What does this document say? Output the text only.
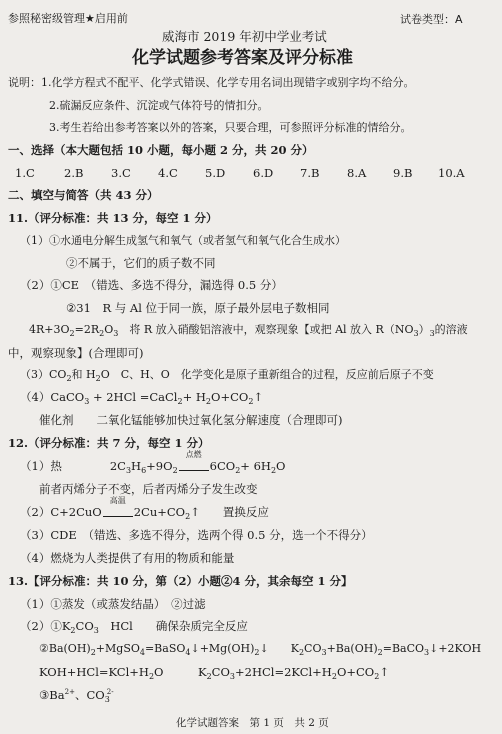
参照秘密级管理★启用前	试卷类型：A
威海市 2019 年初中学业考试
化学试题参考答案及评分标准
说明：1.化学方程式不配平、化学式错误、化学专用名词出现错字或别字均不给分。
2.硫漏反应条件、沉淀或气体符号的情扣分。
3.考生若给出参考答案以外的答案，只要合理，可参照评分标准的情给分。
一、选择（本大题包括 10 小题，每小题 2 分，共 20 分）
1.C	2.B 3.C 4.C 5.D 6.D 7.B 8.A 9.B 10.A
二、填空与简答（共 43 分）
11.（评分标准：共 13 分，每空 1 分）
（1）①水通电分解生成氢气和氧气（或者氢气和氧气化合生成水）
②不属于，它们的质子数不同
（2）①CE　（错选、多选不得分，漏选得 0.5 分）
②31　R 与 Al 位于同一族，原子最外层电子数相同
$4R+3O_2=2R_2O_3$　将 R 放入硝酸铝溶液中，观察现象【或把 Al 放入 $R(NO_3)_3$的溶液
中，观察现象】(合理即可)
$(3)CO_2$和 $H_2O$　C、H、O　化学变化是原子重新组合的过程，反应前后原子不变
（4）CaCO$_3$ + 2HCl =CaCl$_2$+ $H_2O+CO_2↑$
催化剂　　二氧化锰能够加快过氧化氢分解速度（合理即可)
12.（评分标准：共 7 分，每空 1 分）
（1）热	$2C_3H_6+9O_2$
点燃
$6CO_2+ 6H_2O$
前者丙烯分子不变，后者丙烯分子发生改变
（2）C+2CuO
高温
$2Cu+CO_2↑$　　置换反应
（3）CDE　（错选、多选不得分，选两个得 0.5 分，选一个不得分）
（4）燃烧为人类提供了有用的物质和能量
13.【评分标准：共 10 分，第（2）小题②4 分，其余每空 1 分】
（1）①蒸发（或蒸发结晶）　②过滤
$(2)①K_2CO_3$　HCl　　确保杂质完全反应
$②Ba(OH)_2+MgSO_4=BaSO_4↓+Mg(OH)_2↓$　　$K_2CO_3+Ba(OH)_2=BaCO_3↓+2KOH$
$KOH+HCl=KCl+H_2O$　　　$K_2CO_3+2HCl=2KCl+H_2O+CO_2↑$
$③Ba^{2+}$、$CO_3^{2-}$
化学试题答案　第 1 页　共 2 页
